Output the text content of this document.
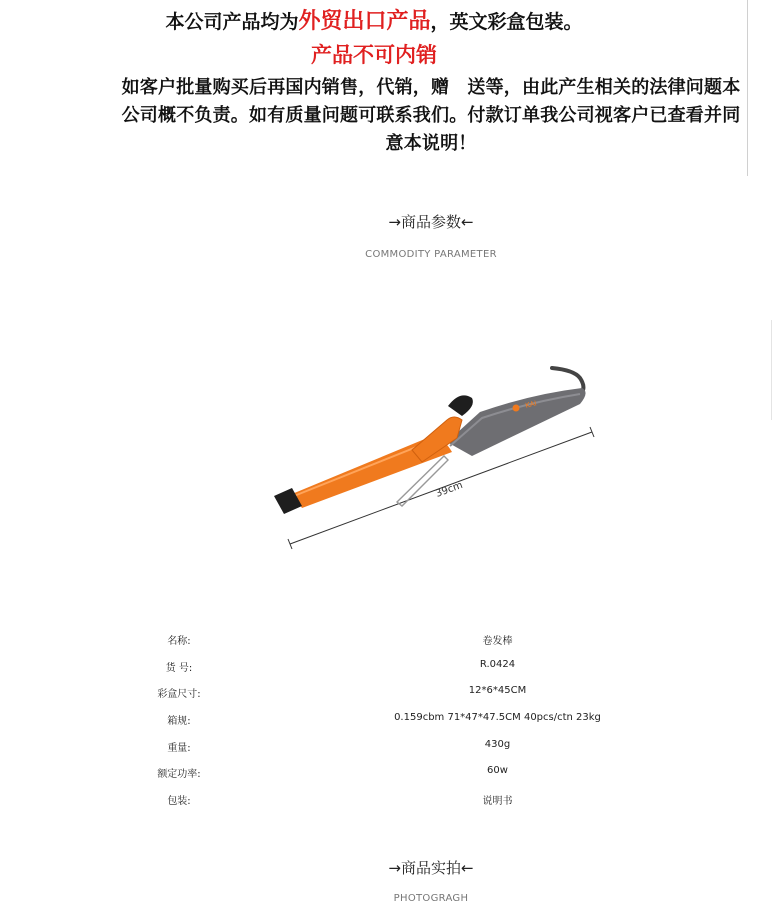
本公司产品均为外贸出口产品，英文彩盒包装。
产品不可内销
如客户批量购买后再国内销售，代销，赠　送等，由此产生相关的法律问题本公司概不负责。如有质量问题可联系我们。付款订单我公司视客户已查看并同意本说明！
→商品参数←
COMMODITY PARAMETER
39cm
KAI
名称:	卷发棒
货 号:	R.0424
彩盒尺寸:	12*6*45CM
箱规:	0.159cbm 71*47*47.5CM 40pcs/ctn 23kg
重量:	430g
额定功率:	60w
包装:	说明书
→商品实拍←
PHOTOGRAGH
